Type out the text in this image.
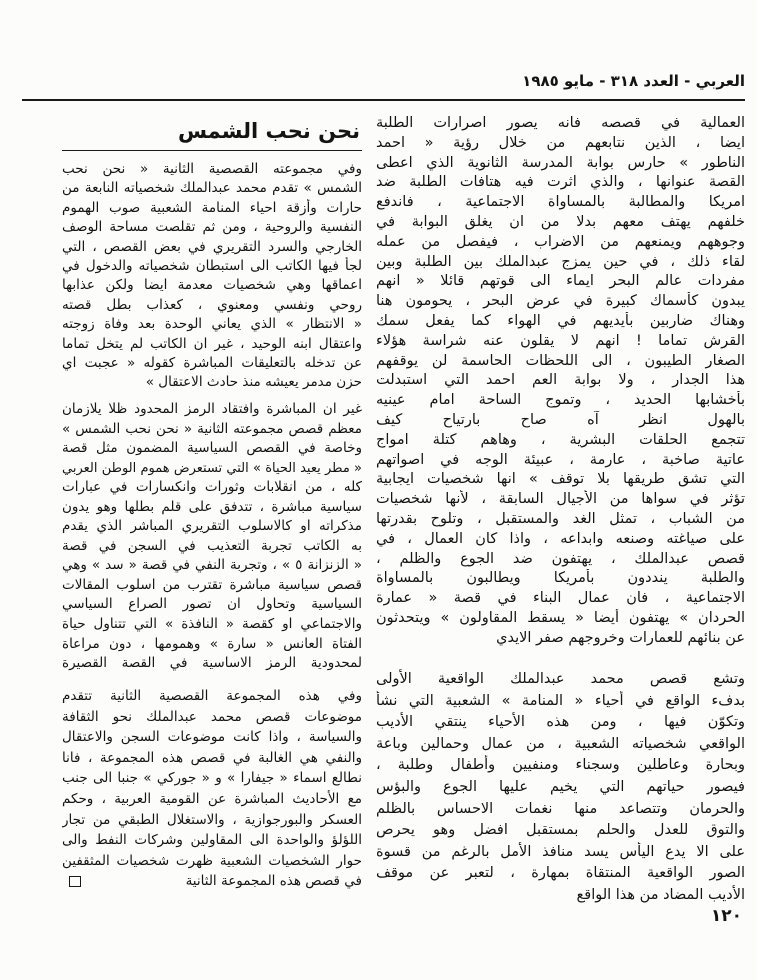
العربي - العدد ٣١٨ - مايو ١٩٨٥
العمالية في قصصه فانه يصور اصرارات الطلبة
ايضا ، الذين نتابعهم من خلال رؤية « احمد
الناطور » حارس بوابة المدرسة الثانوية الذي اعطى
القصة عنوانها ، والذي اثرت فيه هتافات الطلبة ضد
امريكا والمطالبة بالمساواة الاجتماعية ، فاندفع
خلفهم يهتف معهم بدلا من ان يغلق البوابة في
وجوههم ويمنعهم من الاضراب ، فيفصل من عمله
لقاء ذلك ، في حين يمزج عبدالملك بين الطلبة وبين
مفردات عالم البحر ايماء الى قوتهم قائلا « انهم
يبدون كأسماك كبيرة في عرض البحر ، يحومون هنا
وهناك ضاربين بأيديهم في الهواء كما يفعل سمك
القرش تماما ! انهم لا يقلون عنه شراسة هؤلاء
الصغار الطيبون ، الى اللحظات الحاسمة لن يوقفهم
هذا الجدار ، ولا بوابة العم احمد التي استبدلت
بأخشابها الحديد ، وتموج الساحة امام عينيه
بالهول انظر آه صاح بارتياح كيف
تتجمع الحلقات البشرية ، وهاهم كتلة امواج
عاتية صاخبة ، عارمة ، عبيئة الوجه في اصواتهم
التي تشق طريقها بلا توقف » انها شخصيات ايجابية
تؤثر في سواها من الأجيال السابقة ، لأنها شخصيات
من الشباب ، تمثل الغد والمستقبل ، وتلوح بقدرتها
على صياغته وصنعه وابداعه ، واذا كان العمال ، في
قصص عبدالملك ، يهتفون ضد الجوع والظلم ،
والطلبة ينددون بأمريكا ويطالبون بالمساواة
الاجتماعية ، فان عمال البناء في قصة « عمارة
الحردان » يهتفون أيضا « يسقط المقاولون » ويتحدثون
عن بنائهم للعمارات وخروجهم صفر الايدي
وتشع قصص محمد عبدالملك الواقعية الأولى
بدفء الواقع في أحياء « المنامة » الشعبية التي نشأ
وتكوّن فيها ، ومن هذه الأحياء ينتقي الأديب
الواقعي شخصياته الشعبية ، من عمال وحمالين وباعة
وبحارة وعاطلين وسجناء ومنفيين وأطفال وطلبة ،
فيصور حياتهم التي يخيم عليها الجوع والبؤس
والحرمان وتتصاعد منها نغمات الاحساس بالظلم
والتوق للعدل والحلم بمستقبل افضل وهو يحرص
على الا يدع اليأس يسد منافذ الأمل بالرغم من قسوة
الصور الواقعية المنتقاة بمهارة ، لتعبر عن موقف
الأديب المضاد من هذا الواقع
نحن نحب الشمس
وفي مجموعته القصصية الثانية « نحن نحب
الشمس » تقدم محمد عبدالملك شخصياته النابعة من
حارات وأزقة احياء المنامة الشعبية صوب الهموم
النفسية والروحية ، ومن ثم تقلصت مساحة الوصف
الخارجي والسرد التقريري في بعض القصص ، التي
لجأ فيها الكاتب الى استبطان شخصياته والدخول في
اعماقها وهي شخصيات معدمة ايضا ولكن عذابها
روحي ونفسي ومعنوي ، كعذاب بطل قصته
« الانتظار » الذي يعاني الوحدة بعد وفاة زوجته
واعتقال ابنه الوحيد ، غير ان الكاتب لم يتخل تماما
عن تدخله بالتعليقات المباشرة كقوله « عجبت اي
حزن مدمر يعيشه منذ حادث الاعتقال »
غير ان المباشرة وافتقاد الرمز المحدود ظلا يلازمان
معظم قصص مجموعته الثانية « نحن نحب الشمس »
وخاصة في القصص السياسية المضمون مثل قصة
« مطر يعيد الحياة » التي تستعرض هموم الوطن العربي
كله ، من انقلابات وثورات وانكسارات في عبارات
سياسية مباشرة ، تتدفق على قلم بطلها وهو يدون
مذكراته او كالاسلوب التقريري المباشر الذي يقدم
به الكاتب تجربة التعذيب في السجن في قصة
« الزنزانة ٥ » ، وتجربة النفي في قصة « سد » وهي
قصص سياسية مباشرة تقترب من اسلوب المقالات
السياسية وتحاول ان تصور الصراع السياسي
والاجتماعي او كقصة « النافذة » التي تتناول حياة
الفتاة العانس « سارة » وهمومها ، دون مراعاة
لمحدودية الرمز الاساسية في القصة القصيرة
وفي هذه المجموعة القصصية الثانية تتقدم
موضوعات قصص محمد عبدالملك نحو الثقافة
والسياسة ، واذا كانت موضوعات السجن والاعتقال
والنفي هي الغالبة في قصص هذه المجموعة ، فانا
نطالع اسماء « جيفارا » و « جوركي » جنبا الى جنب
مع الأحاديث المباشرة عن القومية العربية ، وحكم
العسكر والبورجوازية ، والاستغلال الطبقي من تجار
اللؤلؤ والواحدة الى المقاولين وشركات النفط والى
حوار الشخصيات الشعبية ظهرت شخصيات المثقفين
في قصص هذه المجموعة الثانية
١٢٠
